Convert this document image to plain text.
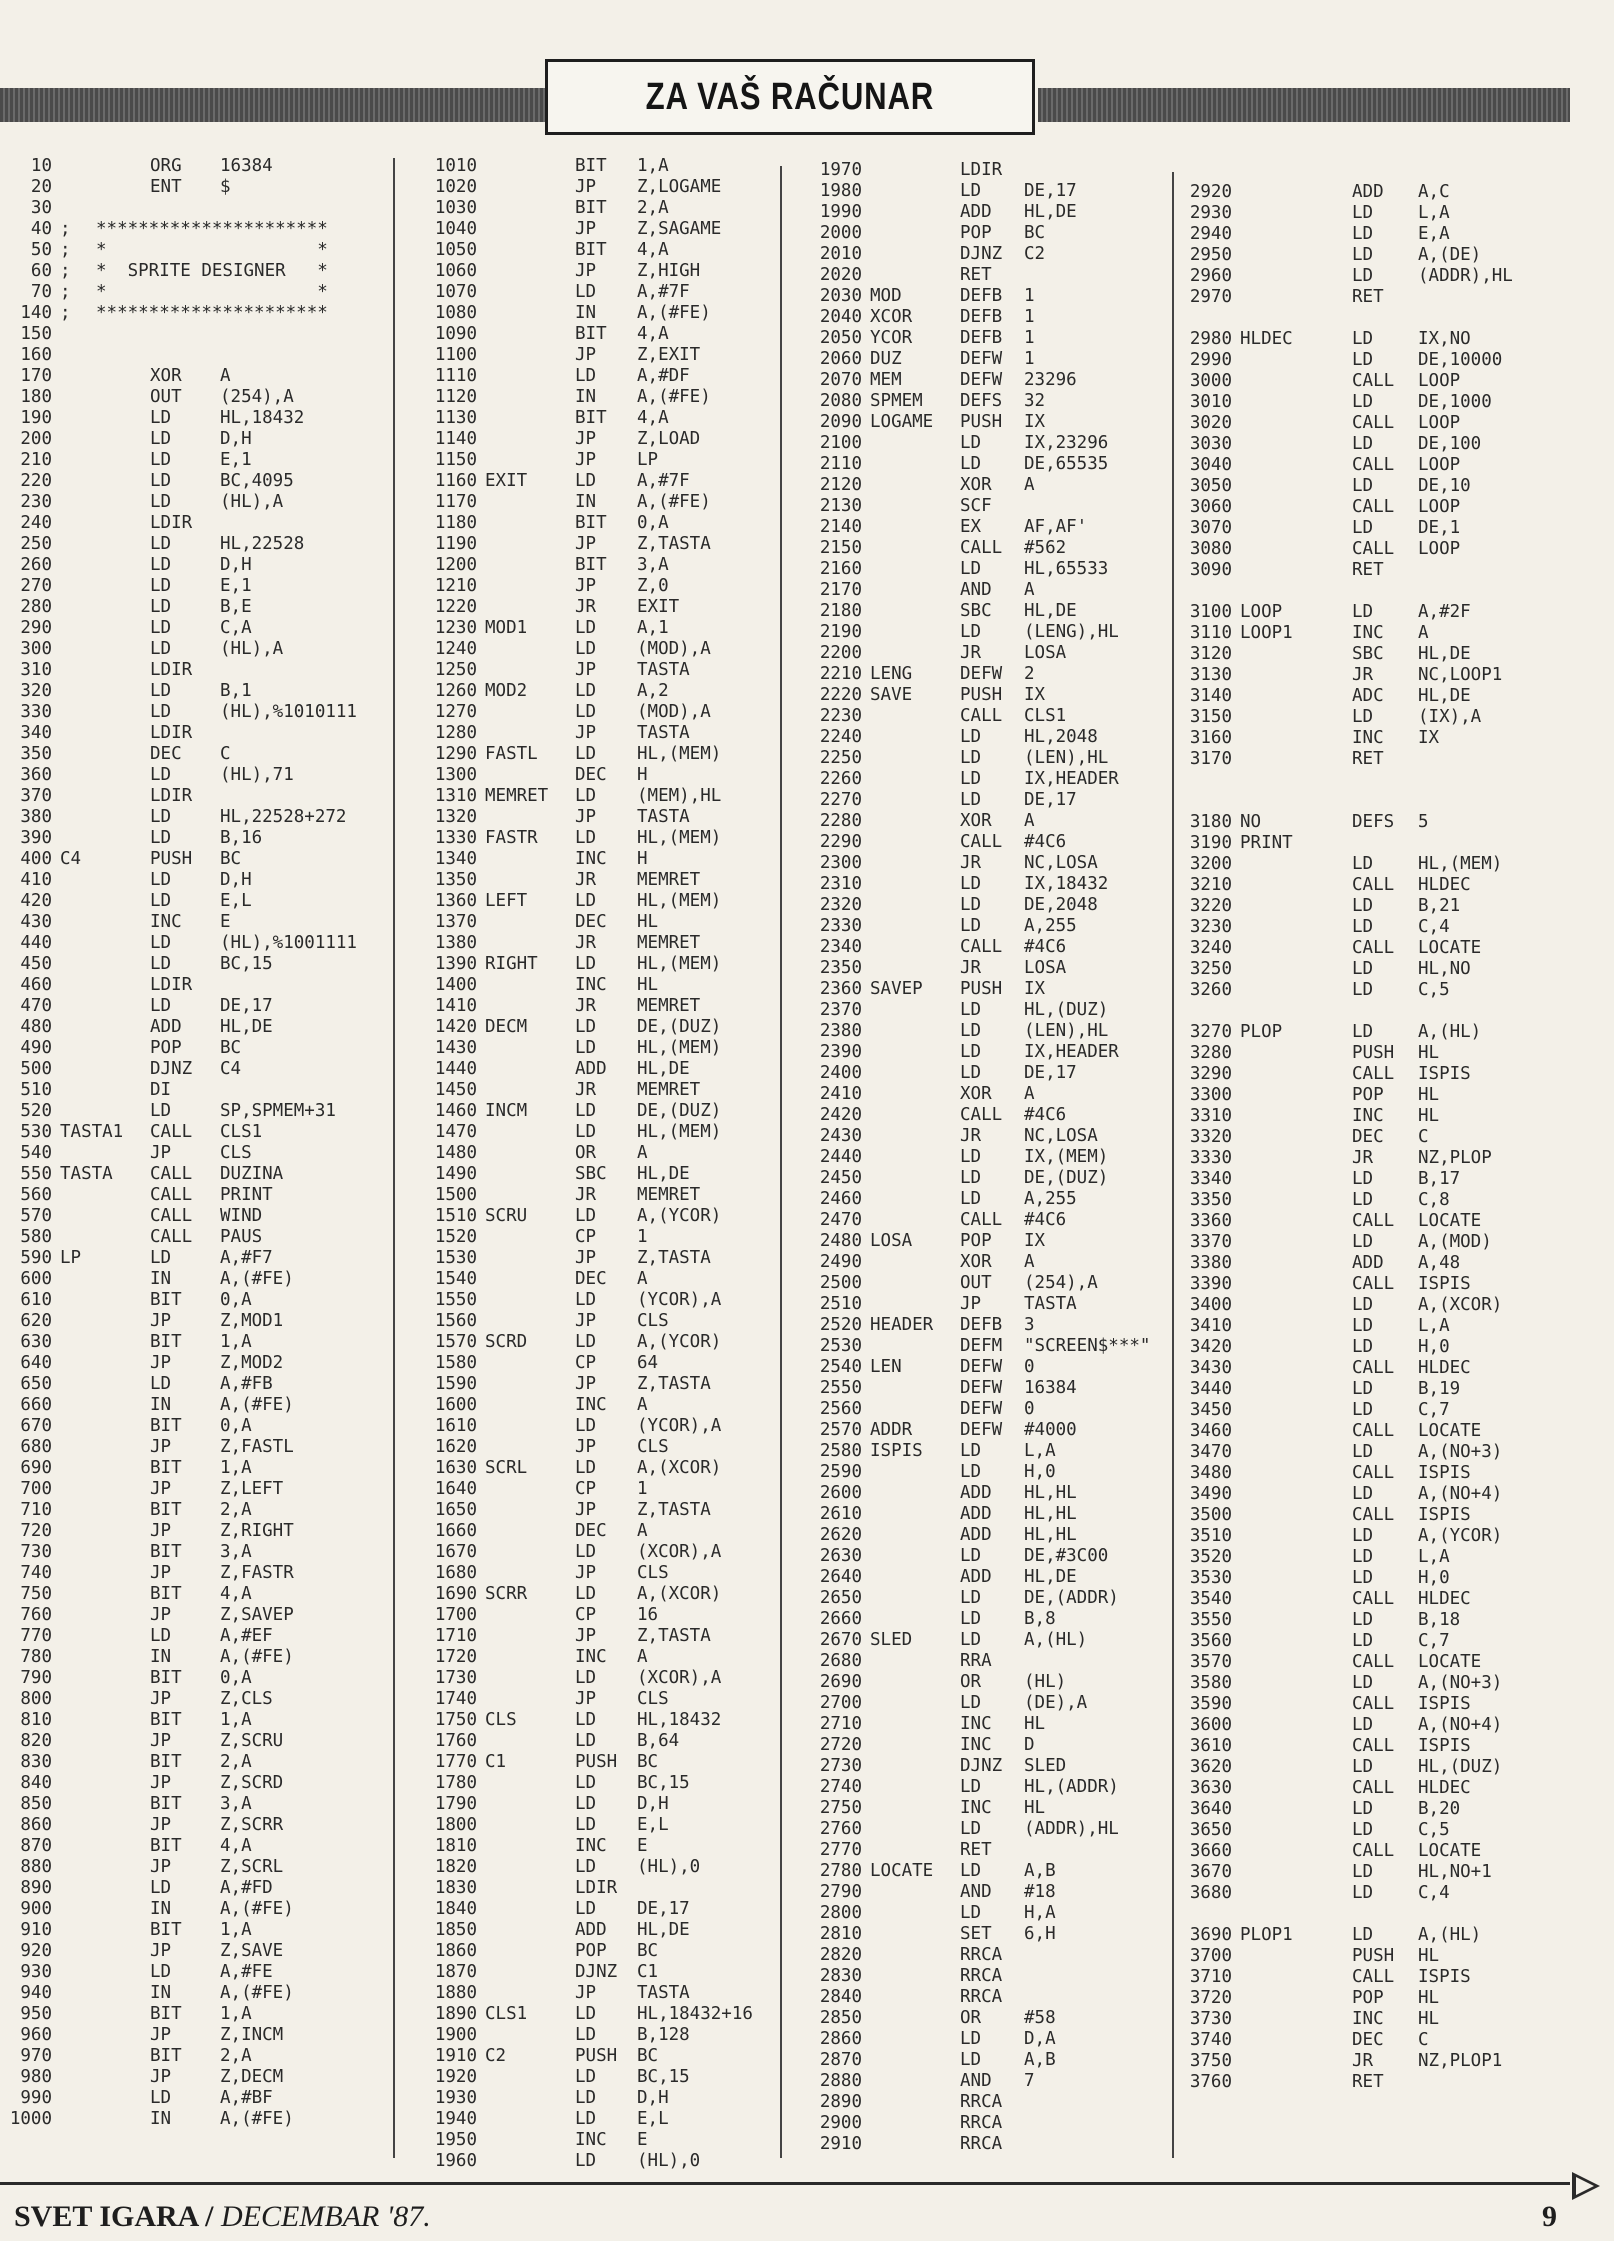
ZA VAŠ RAČUNAR
10	ORG 16384
20	ENT $
30
40 ; **********************
50 ; *                    *
60 ; *  SPRITE DESIGNER   *
70 ; *                    *
140 ; **********************
150
160
170	XOR A
180	OUT (254),A
190	LD	HL,18432
200	LD	D,H
210	LD	E,1
220	LD	BC,4095
230	LD	(HL),A
240	LDIR
250	LD	HL,22528
260	LD	D,H
270	LD	E,1
280	LD	B,E
290	LD	C,A
300	LD	(HL),A
310	LDIR
320	LD	B,1
330	LD	(HL),%1010111
340	LDIR
350	DEC C
360	LD	(HL),71
370	LDIR
380	LD	HL,22528+272
390	LD	B,16
400 C4	PUSH BC
410	LD	D,H
420	LD	E,L
430	INC E
440	LD	(HL),%1001111
450	LD	BC,15
460	LDIR
470	LD	DE,17
480	ADD HL,DE
490	POP BC
500	DJNZ C4
510	DI
520	LD	SP,SPMEM+31
530 TASTA1 CALL CLS1
540	JP	CLS
550 TASTA CALL DUZINA
560	CALL PRINT
570	CALL WIND
580	CALL PAUS
590 LP	LD	A,#F7
600	IN	A,(#FE)
610	BIT 0,A
620	JP	Z,MOD1
630	BIT 1,A
640	JP	Z,MOD2
650	LD	A,#FB
660	IN	A,(#FE)
670	BIT 0,A
680	JP	Z,FASTL
690	BIT 1,A
700	JP	Z,LEFT
710	BIT 2,A
720	JP	Z,RIGHT
730	BIT 3,A
740	JP	Z,FASTR
750	BIT 4,A
760	JP	Z,SAVEP
770	LD	A,#EF
780	IN	A,(#FE)
790	BIT 0,A
800	JP	Z,CLS
810	BIT 1,A
820	JP	Z,SCRU
830	BIT 2,A
840	JP	Z,SCRD
850	BIT 3,A
860	JP	Z,SCRR
870	BIT 4,A
880	JP	Z,SCRL
890	LD	A,#FD
900	IN	A,(#FE)
910	BIT 1,A
920	JP	Z,SAVE
930	LD	A,#FE
940	IN	A,(#FE)
950	BIT 1,A
960	JP	Z,INCM
970	BIT 2,A
980	JP	Z,DECM
990	LD	A,#BF
1000	IN	A,(#FE)
1010	BIT 1,A
1020	JP Z,LOGAME
1030	BIT 2,A
1040	JP Z,SAGAME
1050	BIT 4,A
1060	JP Z,HIGH
1070	LD A,#7F
1080	IN A,(#FE)
1090	BIT 4,A
1100	JP Z,EXIT
1110	LD A,#DF
1120	IN A,(#FE)
1130	BIT 4,A
1140	JP Z,LOAD
1150	JP LP
1160 EXIT	LD A,#7F
1170	IN A,(#FE)
1180	BIT 0,A
1190	JP Z,TASTA
1200	BIT 3,A
1210	JP Z,0
1220	JR EXIT
1230 MOD1	LD A,1
1240	LD (MOD),A
1250	JP TASTA
1260 MOD2	LD A,2
1270	LD (MOD),A
1280	JP TASTA
1290 FASTL LD HL,(MEM)
1300	DEC H
1310 MEMRET LD (MEM),HL
1320	JP TASTA
1330 FASTR LD HL,(MEM)
1340	INC H
1350	JR MEMRET
1360 LEFT	LD HL,(MEM)
1370	DEC HL
1380	JR MEMRET
1390 RIGHT LD HL,(MEM)
1400	INC HL
1410	JR MEMRET
1420 DECM	LD DE,(DUZ)
1430	LD HL,(MEM)
1440	ADD HL,DE
1450	JR MEMRET
1460 INCM	LD DE,(DUZ)
1470	LD HL,(MEM)
1480	OR A
1490	SBC HL,DE
1500	JR MEMRET
1510 SCRU	LD A,(YCOR)
1520	CP 1
1530	JP Z,TASTA
1540	DEC A
1550	LD (YCOR),A
1560	JP CLS
1570 SCRD	LD A,(YCOR)
1580	CP 64
1590	JP Z,TASTA
1600	INC A
1610	LD (YCOR),A
1620	JP CLS
1630 SCRL	LD A,(XCOR)
1640	CP 1
1650	JP Z,TASTA
1660	DEC A
1670	LD (XCOR),A
1680	JP CLS
1690 SCRR	LD A,(XCOR)
1700	CP 16
1710	JP Z,TASTA
1720	INC A
1730	LD (XCOR),A
1740	JP CLS
1750 CLS	LD HL,18432
1760	LD B,64
1770 C1	PUSH BC
1780	LD BC,15
1790	LD D,H
1800	LD E,L
1810	INC E
1820	LD (HL),0
1830	LDIR
1840	LD DE,17
1850	ADD HL,DE
1860	POP BC
1870	DJNZ C1
1880	JP TASTA
1890 CLS1	LD HL,18432+16
1900	LD B,128
1910 C2	PUSH BC
1920	LD BC,15
1930	LD D,H
1940	LD E,L
1950	INC E
1960	LD (HL),0
1970	LDIR
1980	LD DE,17
1990	ADD HL,DE
2000	POP BC
2010	DJNZ C2
2020	RET
2030 MOD	DEFB 1
2040 XCOR	DEFB 1
2050 YCOR	DEFB 1
2060 DUZ	DEFW 1
2070 MEM	DEFW 23296
2080 SPMEM DEFS 32
2090 LOGAME PUSH IX
2100	LD IX,23296
2110	LD DE,65535
2120	XOR A
2130	SCF
2140	EX AF,AF'
2150	CALL #562
2160	LD HL,65533
2170	AND A
2180	SBC HL,DE
2190	LD (LENG),HL
2200	JR LOSA
2210 LENG	DEFW 2
2220 SAVE	PUSH IX
2230	CALL CLS1
2240	LD HL,2048
2250	LD (LEN),HL
2260	LD IX,HEADER
2270	LD DE,17
2280	XOR A
2290	CALL #4C6
2300	JR NC,LOSA
2310	LD IX,18432
2320	LD DE,2048
2330	LD A,255
2340	CALL #4C6
2350	JR LOSA
2360 SAVEP PUSH IX
2370	LD HL,(DUZ)
2380	LD (LEN),HL
2390	LD IX,HEADER
2400	LD DE,17
2410	XOR A
2420	CALL #4C6
2430	JR NC,LOSA
2440	LD IX,(MEM)
2450	LD DE,(DUZ)
2460	LD A,255
2470	CALL #4C6
2480 LOSA	POP IX
2490	XOR A
2500	OUT (254),A
2510	JP TASTA
2520 HEADER DEFB 3
2530	DEFM "SCREEN$***"
2540 LEN	DEFW 0
2550	DEFW 16384
2560	DEFW 0
2570 ADDR	DEFW #4000
2580 ISPIS LD L,A
2590	LD H,0
2600	ADD HL,HL
2610	ADD HL,HL
2620	ADD HL,HL
2630	LD DE,#3C00
2640	ADD HL,DE
2650	LD DE,(ADDR)
2660	LD B,8
2670 SLED	LD A,(HL)
2680	RRA
2690	OR (HL)
2700	LD (DE),A
2710	INC HL
2720	INC D
2730	DJNZ SLED
2740	LD HL,(ADDR)
2750	INC HL
2760	LD (ADDR),HL
2770	RET
2780 LOCATE LD A,B
2790	AND #18
2800	LD H,A
2810	SET 6,H
2820	RRCA
2830	RRCA
2840	RRCA
2850	OR #58
2860	LD D,A
2870	LD A,B
2880	AND 7
2890	RRCA
2900	RRCA
2910	RRCA
2920	ADD A,C
2930	LD	L,A
2940	LD	E,A
2950	LD	A,(DE)
2960	LD	(ADDR),HL
2970	RET
2980 HLDEC	LD	IX,NO
2990	LD	DE,10000
3000	CALL LOOP
3010	LD	DE,1000
3020	CALL LOOP
3030	LD	DE,100
3040	CALL LOOP
3050	LD	DE,10
3060	CALL LOOP
3070	LD	DE,1
3080	CALL LOOP
3090	RET
3100 LOOP	LD	A,#2F
3110 LOOP1	INC A
3120	SBC HL,DE
3130	JR	NC,LOOP1
3140	ADC HL,DE
3150	LD	(IX),A
3160	INC IX
3170	RET
3180 NO	DEFS 5
3190 PRINT
3200	LD	HL,(MEM)
3210	CALL HLDEC
3220	LD	B,21
3230	LD	C,4
3240	CALL LOCATE
3250	LD	HL,NO
3260	LD	C,5
3270 PLOP	LD	A,(HL)
3280	PUSH HL
3290	CALL ISPIS
3300	POP HL
3310	INC HL
3320	DEC C
3330	JR	NZ,PLOP
3340	LD	B,17
3350	LD	C,8
3360	CALL LOCATE
3370	LD	A,(MOD)
3380	ADD A,48
3390	CALL ISPIS
3400	LD	A,(XCOR)
3410	LD	L,A
3420	LD	H,0
3430	CALL HLDEC
3440	LD	B,19
3450	LD	C,7
3460	CALL LOCATE
3470	LD	A,(NO+3)
3480	CALL ISPIS
3490	LD	A,(NO+4)
3500	CALL ISPIS
3510	LD	A,(YCOR)
3520	LD	L,A
3530	LD	H,0
3540	CALL HLDEC
3550	LD	B,18
3560	LD	C,7
3570	CALL LOCATE
3580	LD	A,(NO+3)
3590	CALL ISPIS
3600	LD	A,(NO+4)
3610	CALL ISPIS
3620	LD	HL,(DUZ)
3630	CALL HLDEC
3640	LD	B,20
3650	LD	C,5
3660	CALL LOCATE
3670	LD	HL,NO+1
3680	LD	C,4
3690 PLOP1	LD	A,(HL)
3700	PUSH HL
3710	CALL ISPIS
3720	POP HL
3730	INC HL
3740	DEC C
3750	JR	NZ,PLOP1
3760	RET
SVET IGARA / DECEMBAR '87.	9
